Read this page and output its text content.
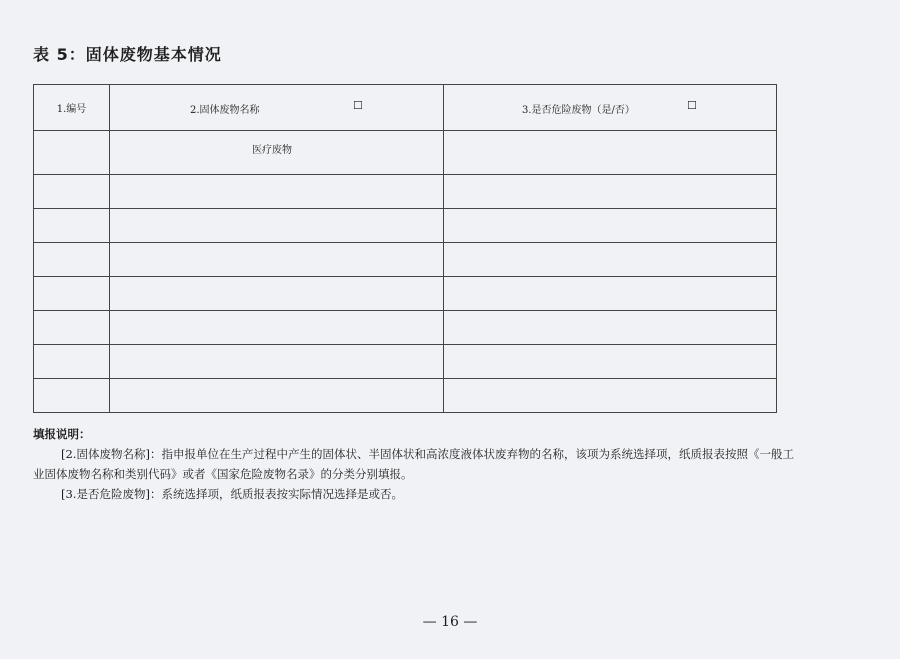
表 5：固体废物基本情况
1.编号	2.固体废物名称 ☐	3.是否危险废物（是/否） ☐

	医疗废物	

填报说明：

[2.固体废物名称]：指申报单位在生产过程中产生的固体状、半固体状和高浓度液体状废弃物的名称，该项为系统选择项，纸质报表按照《一般工

业固体废物名称和类别代码》或者《国家危险废物名录》的分类分别填报。

[3.是否危险废物]：系统选择项，纸质报表按实际情况选择是或否。

— 16 —
